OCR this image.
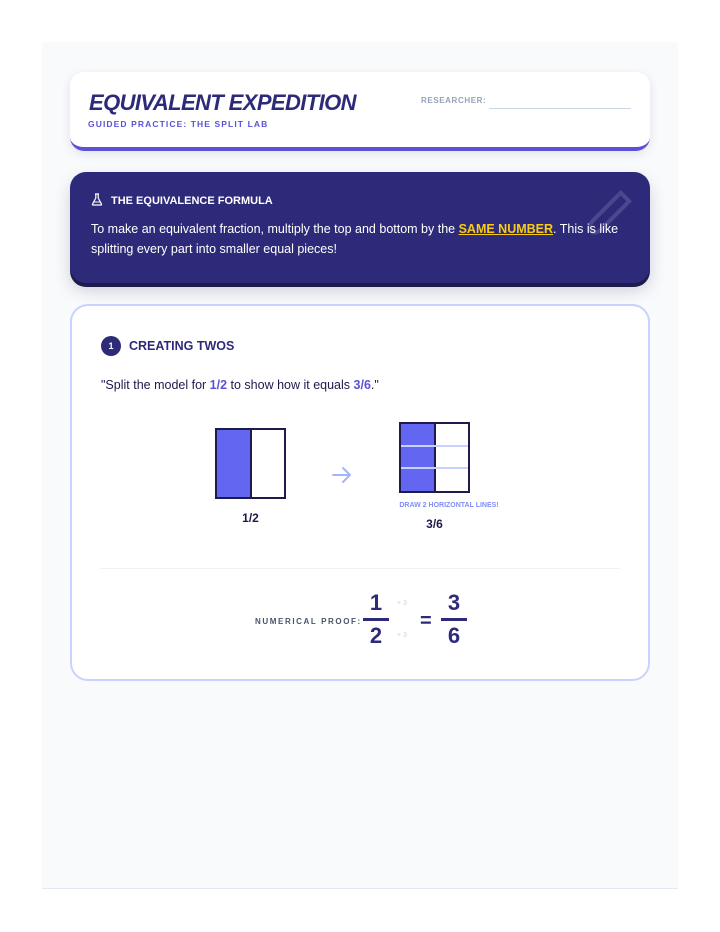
EQUIVALENT EXPEDITION
GUIDED PRACTICE: THE SPLIT LAB
RESEARCHER:
THE EQUIVALENCE FORMULA
To make an equivalent fraction, multiply the top and bottom by the SAME NUMBER. This is like splitting every part into smaller equal pieces!
1	CREATING TWOS
"Split the model for 1/2 to show how it equals 3/6."
1/2
DRAW 2 HORIZONTAL LINES!
3/6
NUMERICAL PROOF:
1
2
× 3
× 3
=
3
6
